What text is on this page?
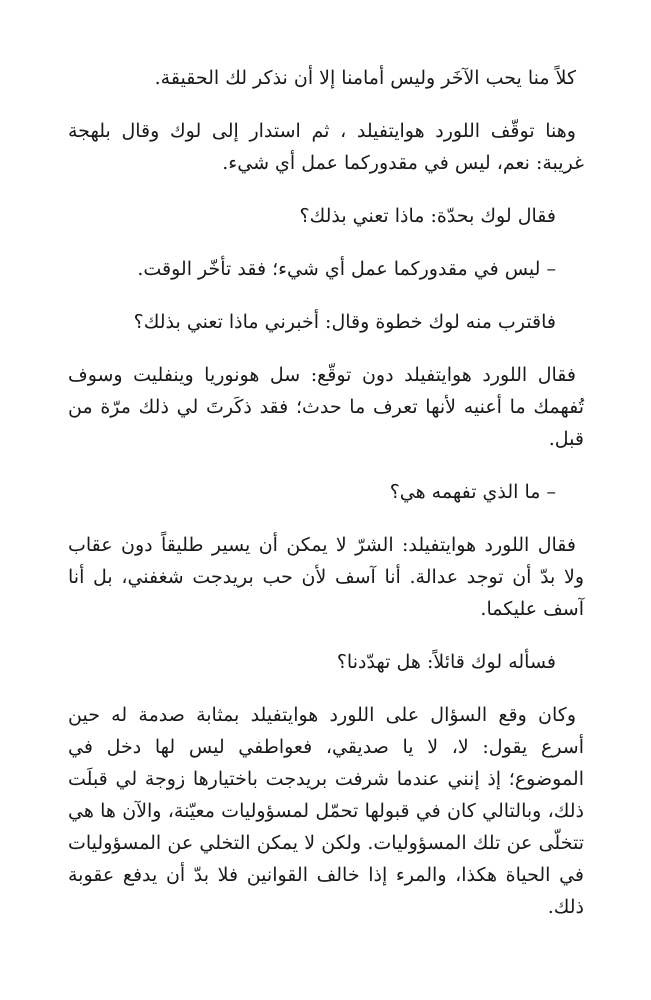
كلاً منا يحب الآخَر وليس أمامنا إلا أن نذكر لك الحقيقة.

وهنا توقّف اللورد هوايتفيلد ، ثم استدار إلى لوك وقال بلهجة غريبة: نعم، ليس في مقدوركما عمل أي شيء.

فقال لوك بحدّة: ماذا تعني بذلك؟

– ليس في مقدوركما عمل أي شيء؛ فقد تأخّر الوقت.

فاقترب منه لوك خطوة وقال: أخبرني ماذا تعني بذلك؟

فقال اللورد هوايتفيلد دون توقّع: سل هونوريا وينفليت وسوف تُفهمك ما أعنيه لأنها تعرف ما حدث؛ فقد ذكَرتَ لي ذلك مرّة من قبل.

– ما الذي تفهمه هي؟

فقال اللورد هوايتفيلد: الشرّ لا يمكن أن يسير طليقاً دون عقاب ولا بدّ أن توجد عدالة. أنا آسف لأن حب بريدجت شغفني، بل أنا آسف عليكما.

فسأله لوك قائلاً: هل تهدّدنا؟

وكان وقع السؤال على اللورد هوايتفيلد بمثابة صدمة له حين أسرع يقول: لا، لا يا صديقي، فعواطفي ليس لها دخل في الموضوع؛ إذ إنني عندما شرفت بريدجت باختيارها زوجة لي قبلَت ذلك، وبالتالي كان في قبولها تحمّل لمسؤوليات معيّنة، والآن ها هي تتخلّى عن تلك المسؤوليات. ولكن لا يمكن التخلي عن المسؤوليات في الحياة هكذا، والمرء إذا خالف القوانين فلا بدّ أن يدفع عقوبة ذلك.
